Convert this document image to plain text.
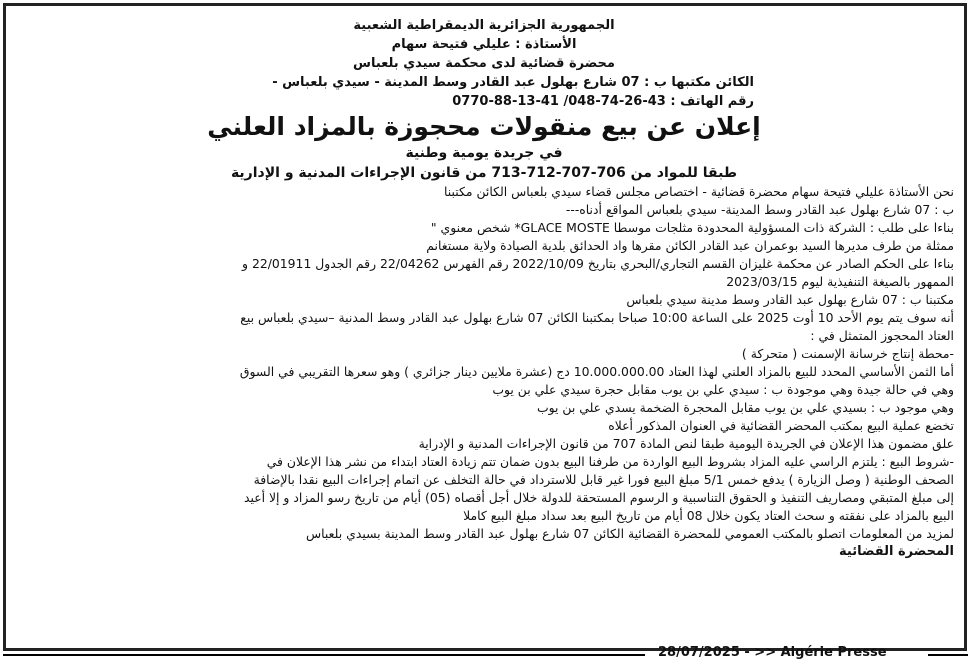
الجمهورية الجزائرية الديمقراطية الشعبية
الأستاذة : عليلي فتيحة سهام
محضرة قضائية لدى محكمة سيدي بلعباس
الكائن مكتبها ب : 07 شارع بهلول عبد القادر وسط المدينة - سيدي بلعباس -
رقم الهاتف : 43-26-74-048/ 41-13-88-0770
إعلان عن بيع منقولات محجوزة بالمزاد العلني
في جريدة يومية وطنية
طبقا للمواد من 706-707-712-713 من قانون الإجراءات المدنية و الإدارية

نحن الأستاذة عليلي فتيحة سهام محضرة قضائية - اختصاص مجلس قضاء سيدي بلعباس الكائن مكتبنا

ب : 07 شارع بهلول عبد القادر وسط المدينة- سيدي بلعباس المواقع أدناه---

بناءا على طلب : الشركة ذات المسؤولية المحدودة مثلجات موسطا GLACE MOSTE* شخص معنوي "

ممثلة من طرف مديرها السيد بوعمران عبد القادر الكائن مقرها واد الحدائق بلدية الصيادة ولاية مستغانم

بناءا على الحكم الصادر عن محكمة غليزان القسم التجاري/البحري بتاريخ 2022/10/09 رقم الفهرس 22/04262 رقم الجدول 22/01911 و

الممهور بالصيغة التنفيذية ليوم 2023/03/15

مكتبنا ب : 07 شارع بهلول عبد القادر وسط مدينة سيدي بلعباس

أنه سوف يتم يوم الأحد 10 أوت 2025 على الساعة 10:00 صباحا بمكتبنا الكائن 07 شارع بهلول عبد القادر وسط المدنية –سيدي بلعباس بيع

العتاد المحجوز المتمثل في :

-محطة إنتاج خرسانة الإسمنت ( متحركة )

أما الثمن الأساسي المحدد للبيع بالمزاد العلني لهذا العتاد 10.000.000.00 دج (عشرة ملايين دينار جزائري ) وهو سعرها التقريبي في السوق

وهي في حالة جيدة وهي موجودة ب : سيدي علي بن يوب مقابل حجرة سيدي علي بن يوب

وهي موجود ب : بسيدي علي بن يوب مقابل المحجرة الضخمة يسدي علي بن يوب

تخضع عملية البيع بمكتب المحضر القضائية في العنوان المذكور أعلاه

علق مضمون هذا الإعلان في الجريدة اليومية طبقا لنص المادة 707 من قانون الإجراءات المدنية و الإدراية

-شروط البيع : يلتزم الراسي عليه المزاد بشروط البيع الواردة من طرفنا البيع بدون ضمان تتم زيادة العتاد ابتداء من نشر هذا الإعلان في

الصحف الوطنية ( وصل الزيارة ) يدفع خمس 5/1 مبلغ البيع فورا غير قابل للاسترداد في حالة التخلف عن اتمام إجراءات البيع نقدا بالإضافة

إلى مبلغ المتبقي ومصاريف التنفيذ و الحقوق التناسبية و الرسوم المستحقة للدولة خلال أجل أقصاه (05) أيام من تاريخ رسو المزاد و إلا أعيد

البيع بالمزاد على نفقته و سحث العتاد يكون خلال 08 أيام من تاريخ البيع بعد سداد مبلغ البيع كاملا

لمزيد من المعلومات اتصلو بالمكتب العمومي للمحضرة القضائية الكائن 07 شارع بهلول عبد القادر وسط المدينة بسيدي بلعباس

المحضرة القضائية

28/07/2025 - >> Algérie Presse
